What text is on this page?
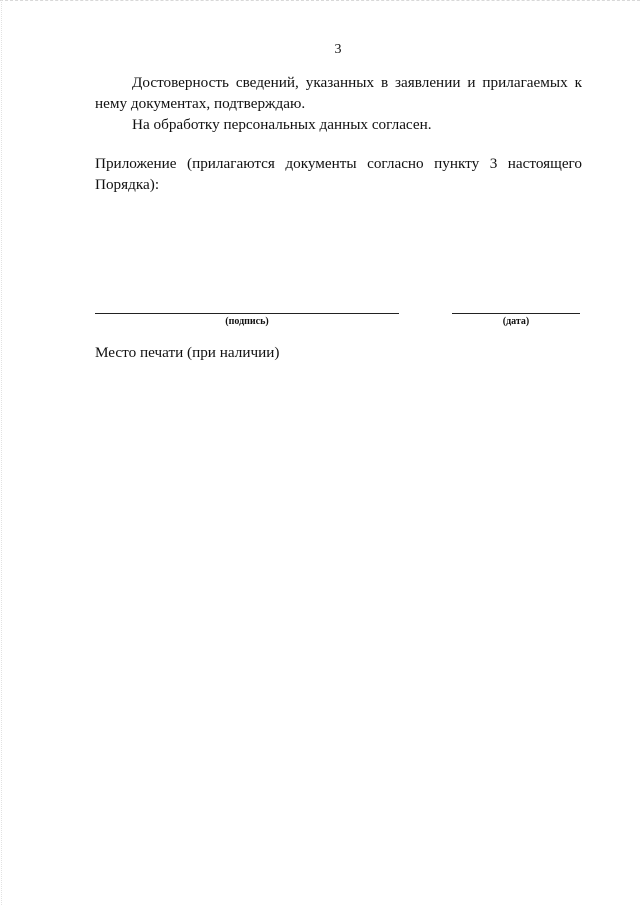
3
Достоверность сведений, указанных в заявлении и прилагаемых к нему документах, подтверждаю.
На обработку персональных данных согласен.
Приложение (прилагаются документы согласно пункту 3 настоящего Порядка):
(подпись)	(дата)
Место печати (при наличии)
